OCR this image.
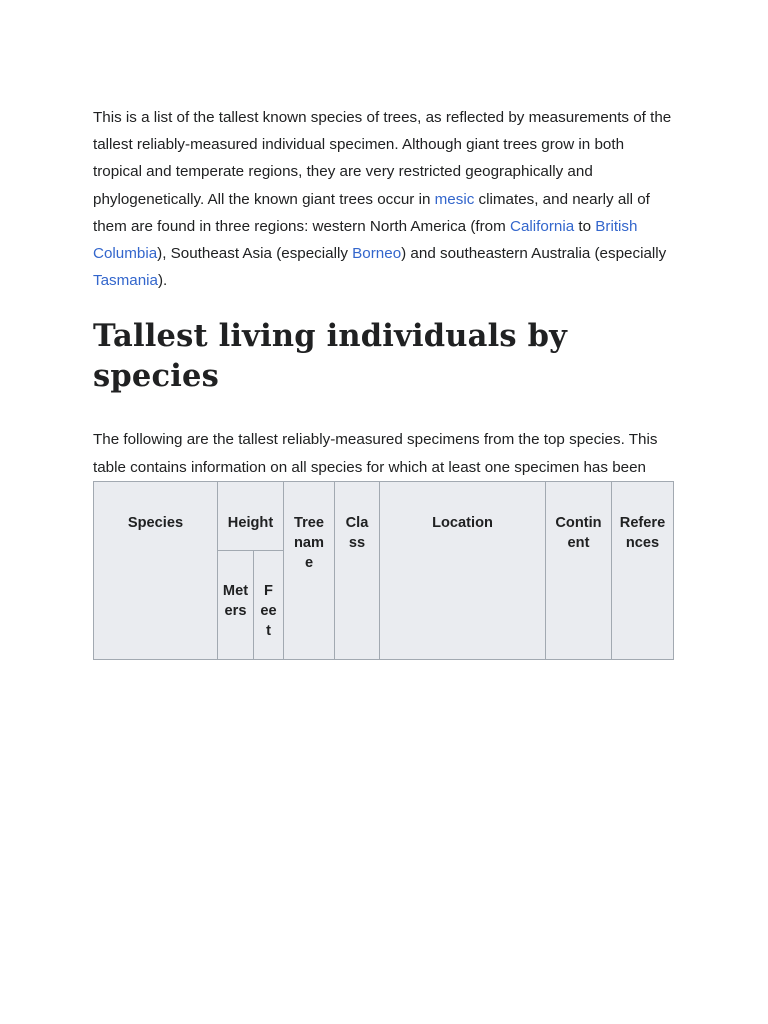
This is a list of the tallest known species of trees, as reflected by measurements of the tallest reliably-measured individual specimen. Although giant trees grow in both tropical and temperate regions, they are very restricted geographically and phylogenetically. All the known giant trees occur in mesic climates, and nearly all of them are found in three regions: western North America (from California to British Columbia), Southeast Asia (especially Borneo) and southeastern Australia (especially Tasmania).

Tallest living individuals by species

The following are the tallest reliably-measured specimens from the top species. This table contains information on all species for which at least one specimen has been

Species	Height		Tree name	Class	Location	Continent	References

	Meters	Feet					
